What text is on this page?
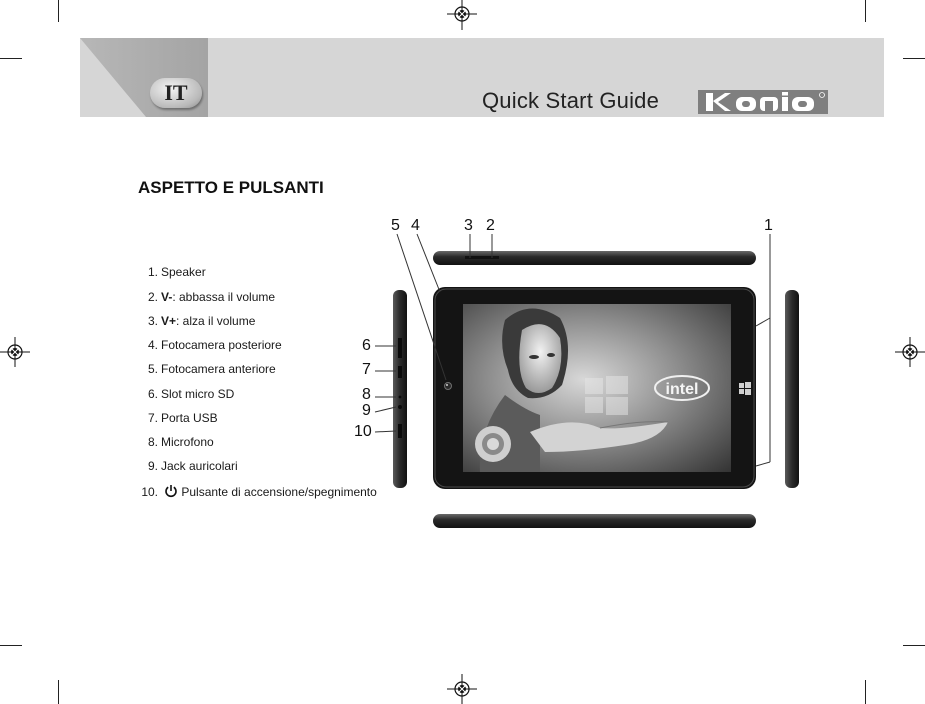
IT	Quick Start Guide
ASPETTO E PULSANTI
1. Speaker
2. V-: abbassa il volume
3. V+: alza il volume
4. Fotocamera posteriore
5. Fotocamera anteriore
6. Slot micro SD
7. Porta USB
8. Microfono
9. Jack auricolari
10. Pulsante di accensione/spegnimento
5 4	3 2	1
6
7
8
9
10
intel
